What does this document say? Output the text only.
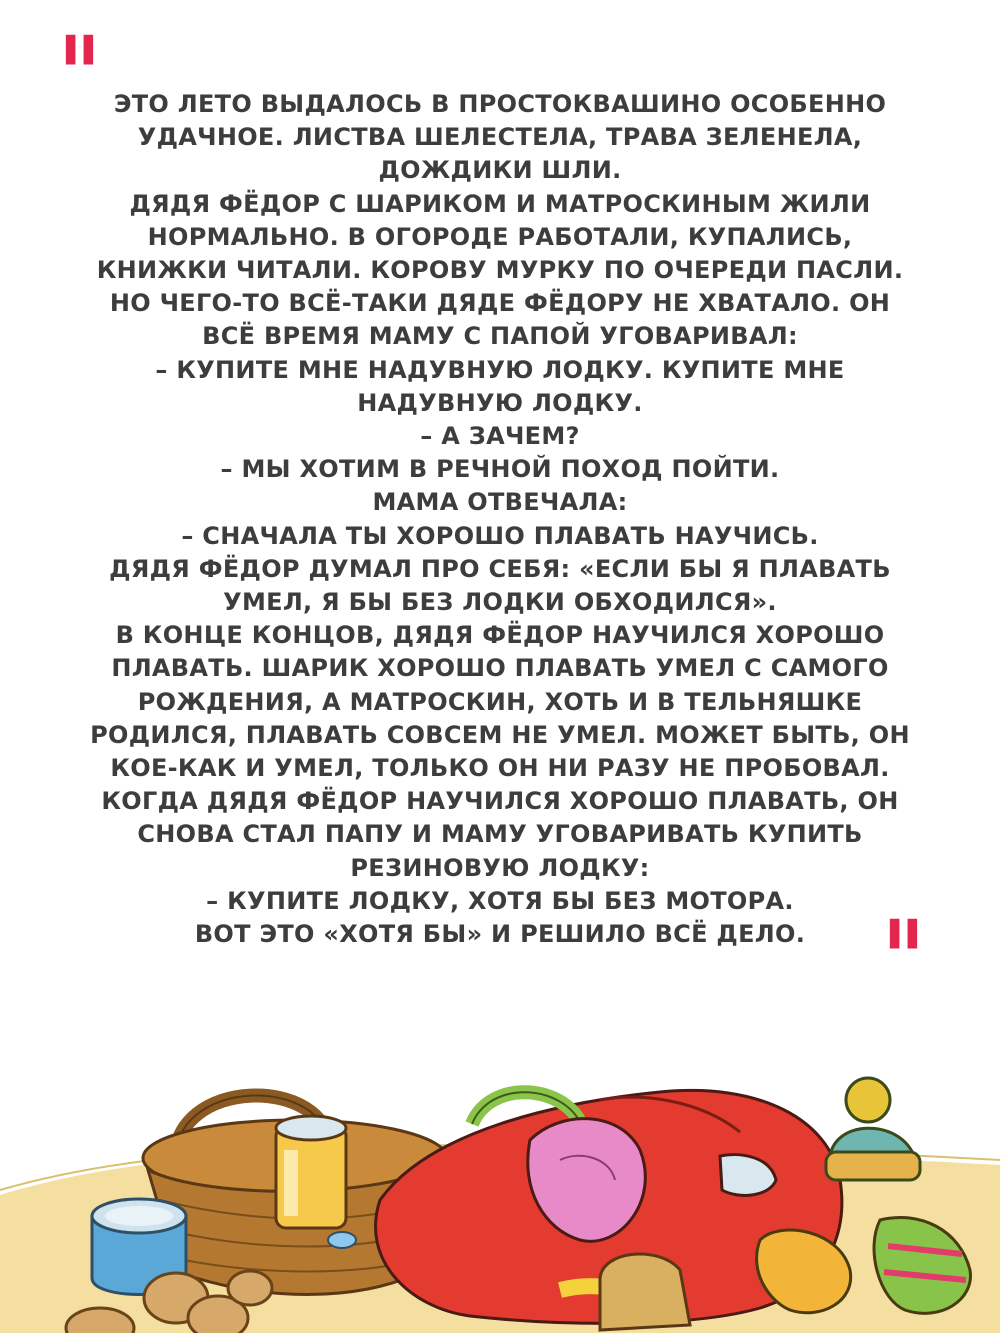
" ЭТО ЛЕТО ВЫДАЛОСЬ В ПРОСТОКВАШИНО ОСОБЕННО
УДАЧНОЕ. ЛИСТВА ШЕЛЕСТЕЛА, ТРАВА ЗЕЛЕНЕЛА,
ДОЖДИКИ ШЛИ.
ДЯДЯ ФЁДОР С ШАРИКОМ И МАТРОСКИНЫМ ЖИЛИ
НОРМАЛЬНО. В ОГОРОДЕ РАБОТАЛИ, КУПАЛИСЬ,
КНИЖКИ ЧИТАЛИ. КОРОВУ МУРКУ ПО ОЧЕРЕДИ ПАСЛИ.
НО ЧЕГО-ТО ВСЁ-ТАКИ ДЯДЕ ФЁДОРУ НЕ ХВАТАЛО. ОН
ВСЁ ВРЕМЯ МАМУ С ПАПОЙ УГОВАРИВАЛ:
– КУПИТЕ МНЕ НАДУВНУЮ ЛОДКУ. КУПИТЕ МНЕ
НАДУВНУЮ ЛОДКУ.
– А ЗАЧЕМ?
– МЫ ХОТИМ В РЕЧНОЙ ПОХОД ПОЙТИ.
МАМА ОТВЕЧАЛА:
– СНАЧАЛА ТЫ ХОРОШО ПЛАВАТЬ НАУЧИСЬ.
ДЯДЯ ФЁДОР ДУМАЛ ПРО СЕБЯ: «ЕСЛИ БЫ Я ПЛАВАТЬ
УМЕЛ, Я БЫ БЕЗ ЛОДКИ ОБХОДИЛСЯ».
В КОНЦЕ КОНЦОВ, ДЯДЯ ФЁДОР НАУЧИЛСЯ ХОРОШО
ПЛАВАТЬ. ШАРИК ХОРОШО ПЛАВАТЬ УМЕЛ С САМОГО
РОЖДЕНИЯ, А МАТРОСКИН, ХОТЬ И В ТЕЛЬНЯШКЕ
РОДИЛСЯ, ПЛАВАТЬ СОВСЕМ НЕ УМЕЛ. МОЖЕТ БЫТЬ, ОН
КОЕ-КАК И УМЕЛ, ТОЛЬКО ОН НИ РАЗУ НЕ ПРОБОВАЛ.
КОГДА ДЯДЯ ФЁДОР НАУЧИЛСЯ ХОРОШО ПЛАВАТЬ, ОН
СНОВА СТАЛ ПАПУ И МАМУ УГОВАРИВАТЬ КУПИТЬ
РЕЗИНОВУЮ ЛОДКУ:
– КУПИТЕ ЛОДКУ, ХОТЯ БЫ БЕЗ МОТОРА.
ВОТ ЭТО «ХОТЯ БЫ» И РЕШИЛО ВСЁ ДЕЛО. "
